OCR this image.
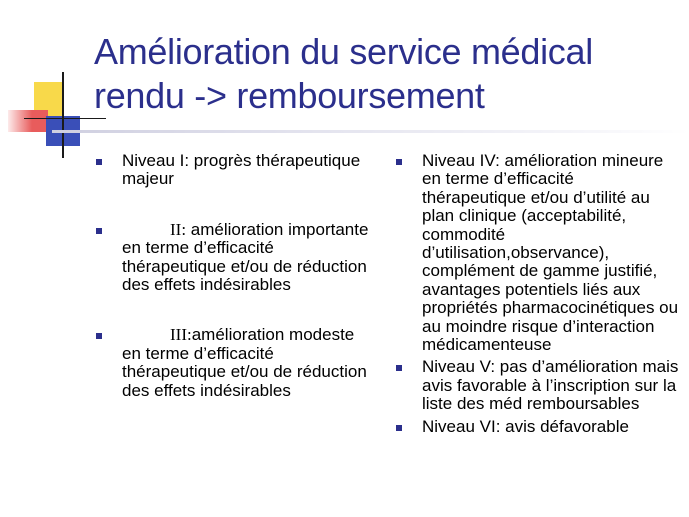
Amélioration du service médical rendu -> remboursement
Niveau I: progrès thérapeutique majeur
II: amélioration importante en terme d’efficacité thérapeutique et/ou de réduction des effets indésirables
III:amélioration modeste en terme d’efficacité thérapeutique et/ou de réduction des effets indésirables
Niveau IV: amélioration mineure en terme d’efficacité thérapeutique et/ou d’utilité au plan clinique (acceptabilité, commodité d’utilisation,observance), complément de gamme justifié, avantages potentiels liés aux propriétés pharmacocinétiques ou au moindre risque d’interaction médicamenteuse
Niveau V: pas d’amélioration mais avis favorable à l’inscription sur la liste des méd remboursables
Niveau VI: avis défavorable
